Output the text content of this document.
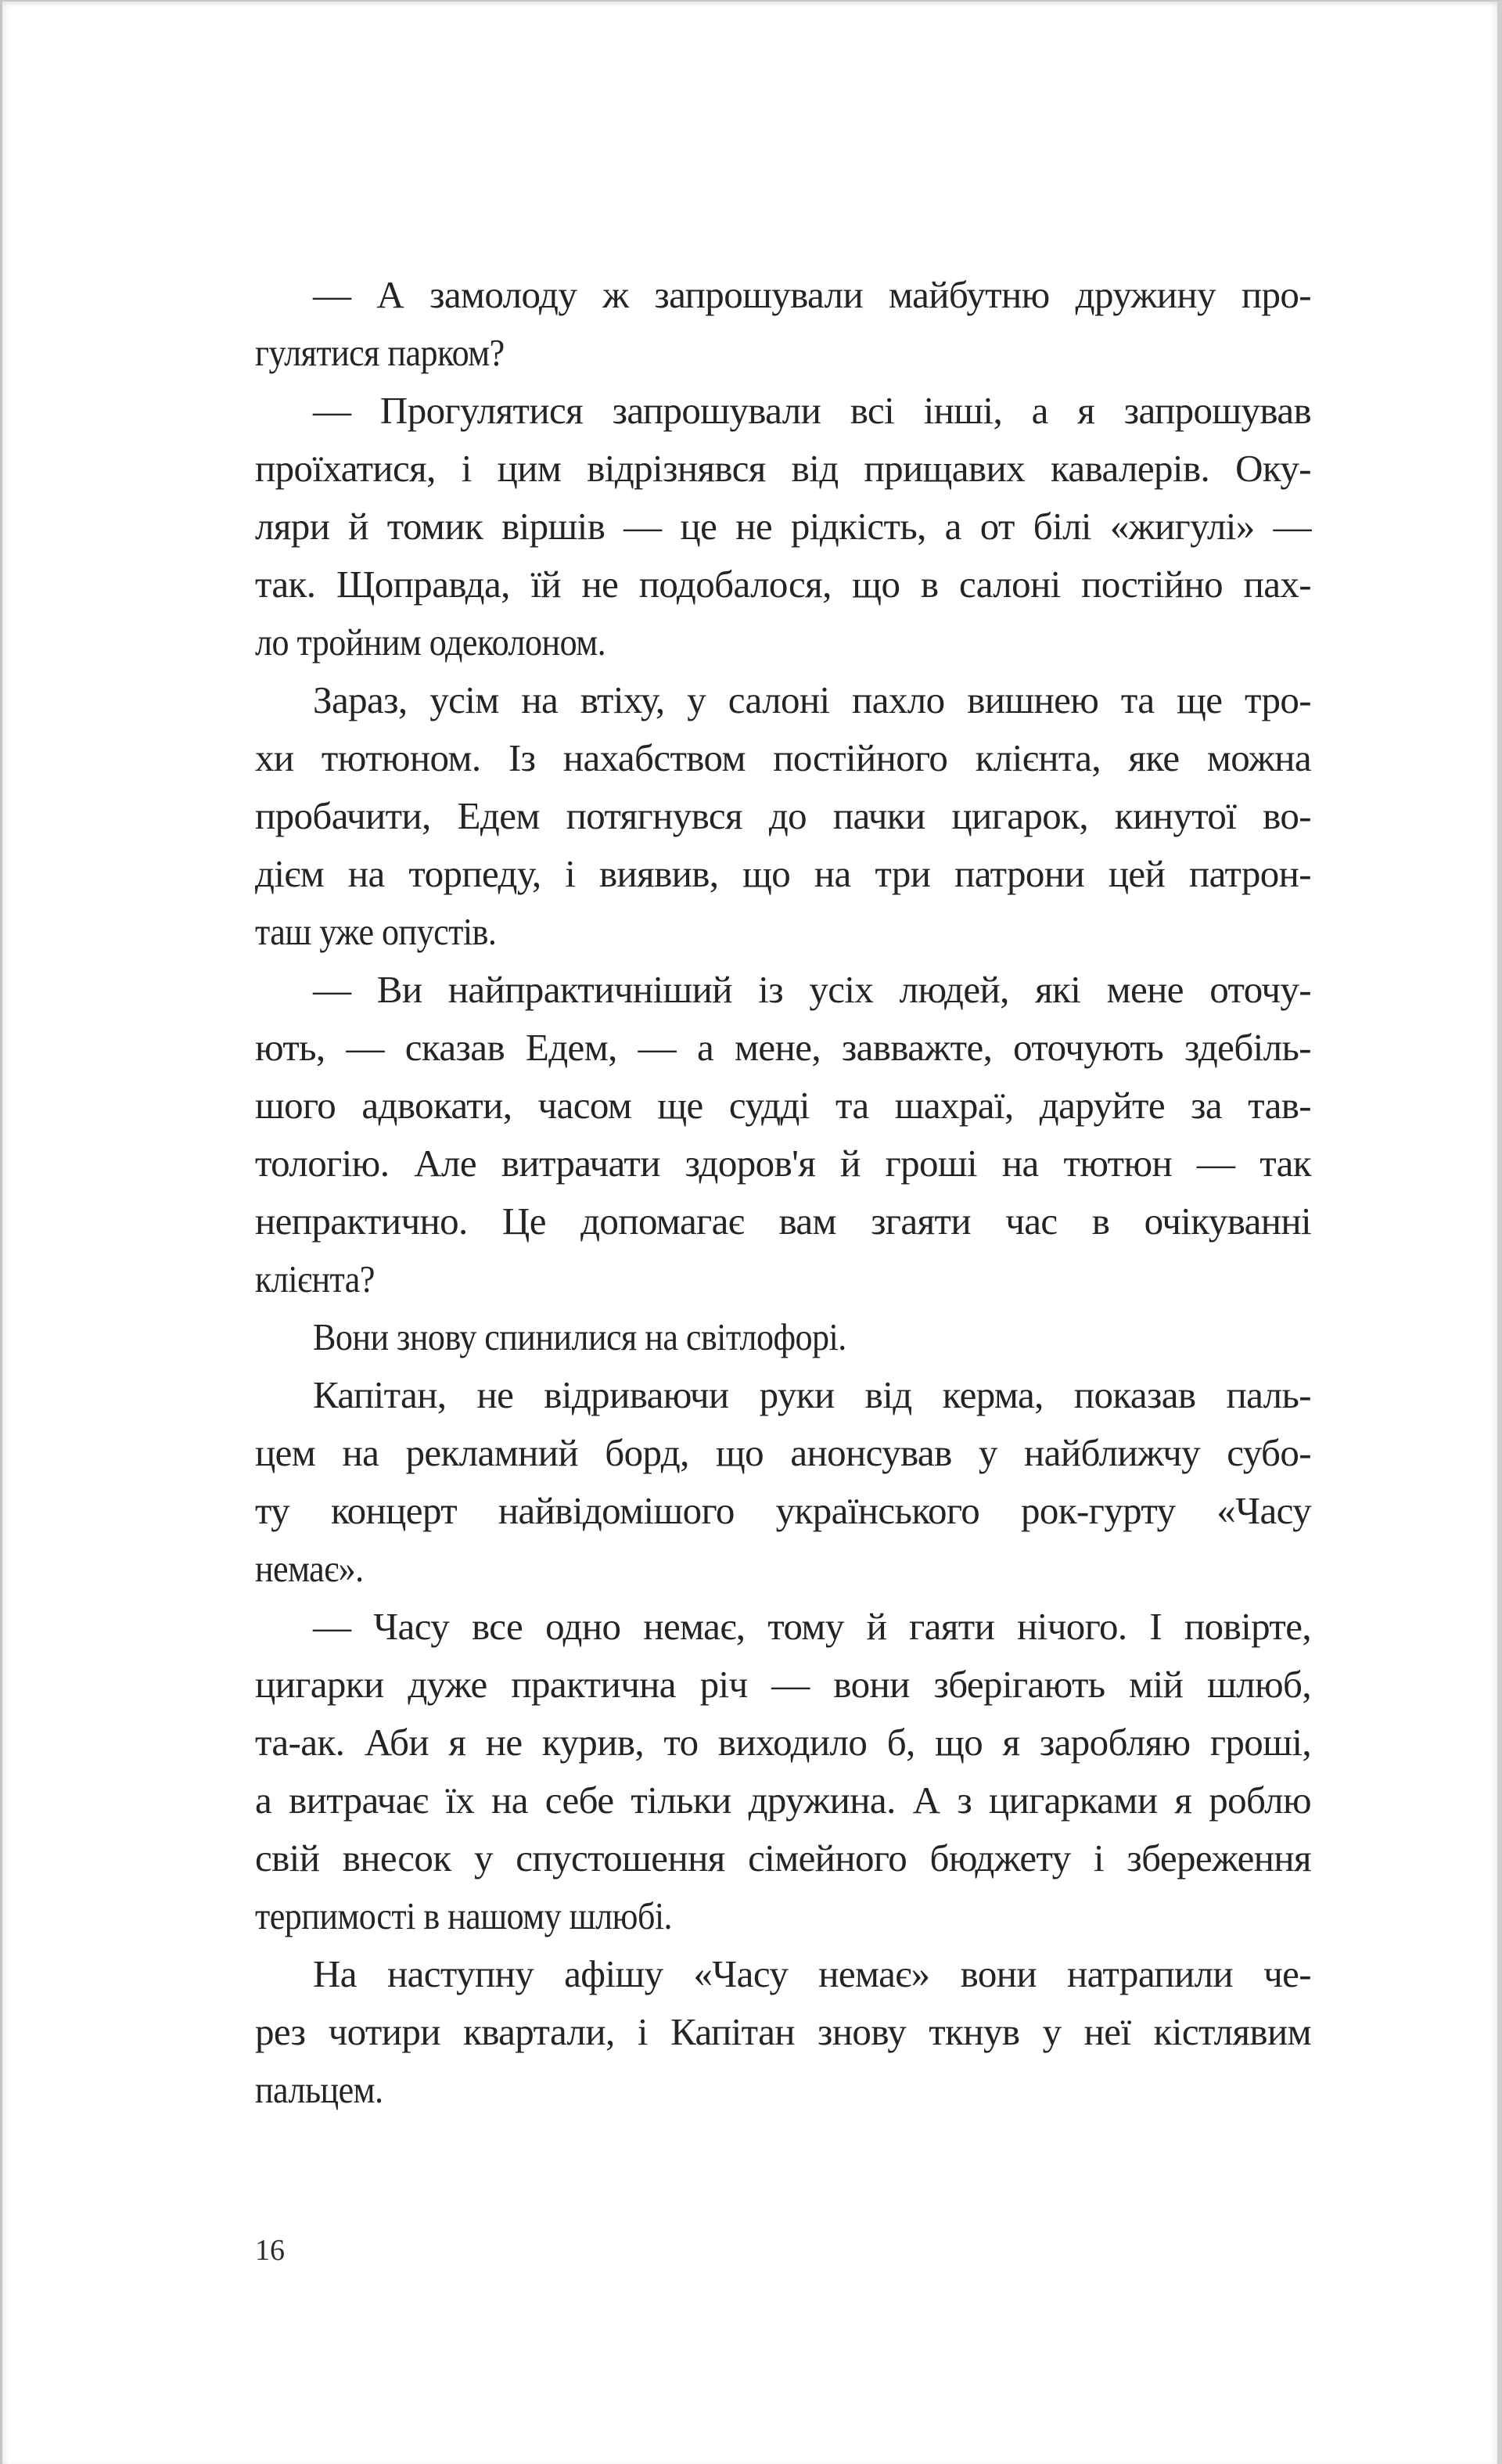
— А замолоду ж запрошували майбутню дружину про-
гулятися парком?
— Прогулятися запрошували всі інші, а я запрошував
проїхатися, і цим відрізнявся від прищавих кавалерів. Оку-
ляри й томик віршів — це не рідкість, а от білі «жигулі» —
так. Щоправда, їй не подобалося, що в салоні постійно пах-
ло тройним одеколоном.
Зараз, усім на втіху, у салоні пахло вишнею та ще тро-
хи тютюном. Із нахабством постійного клієнта, яке можна
пробачити, Едем потягнувся до пачки цигарок, кинутої во-
дієм на торпеду, і виявив, що на три патрони цей патрон-
таш уже опустів.
— Ви найпрактичніший із усіх людей, які мене оточу-
ють, — сказав Едем, — а мене, завважте, оточують здебіль-
шого адвокати, часом ще судді та шахраї, даруйте за тав-
тологію. Але витрачати здоров'я й гроші на тютюн — так
непрактично. Це допомагає вам згаяти час в очікуванні
клієнта?
Вони знову спинилися на світлофорі.
Капітан, не відриваючи руки від керма, показав паль-
цем на рекламний борд, що анонсував у найближчу субо-
ту концерт найвідомішого українського рок-гурту «Часу
немає».
— Часу все одно немає, тому й гаяти нічого. І повірте,
цигарки дуже практична річ — вони зберігають мій шлюб,
та-ак. Аби я не курив, то виходило б, що я заробляю гроші,
а витрачає їх на себе тільки дружина. А з цигарками я роблю
свій внесок у спустошення сімейного бюджету і збереження
терпимості в нашому шлюбі.
На наступну афішу «Часу немає» вони натрапили че-
рез чотири квартали, і Капітан знову ткнув у неї кістлявим
пальцем.
16
